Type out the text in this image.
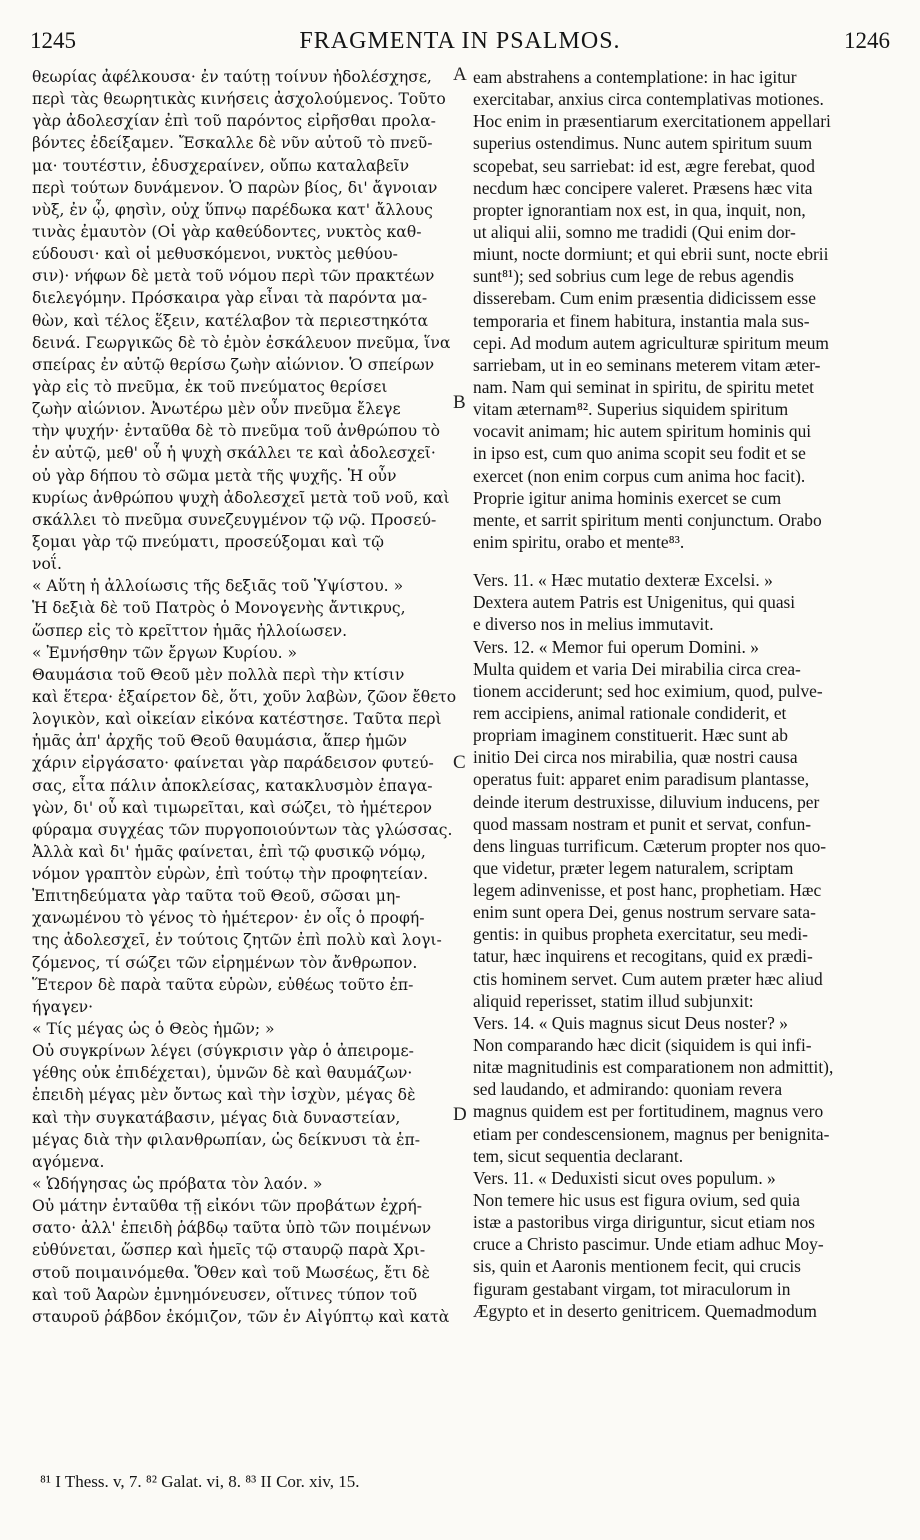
1245	FRAGMENTA IN PSALMOS.	1246
θεωρίας ἀφέλκουσα· ἐν ταύτῃ τοίνυν ἠδολέσχησε,
περὶ τὰς θεωρητικὰς κινήσεις ἀσχολούμενος. Τοῦτο
γὰρ ἀδολεσχίαν ἐπὶ τοῦ παρόντος εἰρῆσθαι προλα-
βόντες ἐδείξαμεν. Ἔσκαλλε δὲ νῦν αὐτοῦ τὸ πνεῦ-
μα· τουτέστιν, ἐδυσχεραίνεν, οὔπω καταλαβεῖν
περὶ τούτων δυνάμενον. Ὁ παρὼν βίος, δι' ἄγνοιαν
νὺξ, ἐν ᾧ, φησὶν, οὐχ ὕπνῳ παρέδωκα κατ' ἄλλους
τινὰς ἐμαυτὸν (Οἱ γὰρ καθεύδοντες, νυκτὸς καθ-
εύδουσι· καὶ οἱ μεθυσκόμενοι, νυκτὸς μεθύου-
σιν)· νήφων δὲ μετὰ τοῦ νόμου περὶ τῶν πρακτέων
διελεγόμην. Πρόσκαιρα γὰρ εἶναι τὰ παρόντα μα-
θὼν, καὶ τέλος ἕξειν, κατέλαβον τὰ περιεστηκότα
δεινά. Γεωργικῶς δὲ τὸ ἐμὸν ἐσκάλευον πνεῦμα, ἵνα
σπείρας ἐν αὐτῷ θερίσω ζωὴν αἰώνιον. Ὁ σπείρων
γὰρ εἰς τὸ πνεῦμα, ἐκ τοῦ πνεύματος θερίσει
ζωὴν αἰώνιον. Ἀνωτέρω μὲν οὖν πνεῦμα ἔλεγε
τὴν ψυχήν· ἐνταῦθα δὲ τὸ πνεῦμα τοῦ ἀνθρώπου τὸ
ἐν αὐτῷ, μεθ' οὗ ἡ ψυχὴ σκάλλει τε καὶ ἀδολεσχεῖ·
οὐ γὰρ δήπου τὸ σῶμα μετὰ τῆς ψυχῆς. Ἡ οὖν
κυρίως ἀνθρώπου ψυχὴ ἀδολεσχεῖ μετὰ τοῦ νοῦ, καὶ
σκάλλει τὸ πνεῦμα συνεζευγμένον τῷ νῷ. Προσεύ-
ξομαι γὰρ τῷ πνεύματι, προσεύξομαι καὶ τῷ
νοΐ.
« Αὕτη ἡ ἀλλοίωσις τῆς δεξιᾶς τοῦ Ὑψίστου. »
Ἡ δεξιὰ δὲ τοῦ Πατρὸς ὁ Μονογενὴς ἄντικρυς,
ὥσπερ εἰς τὸ κρεῖττον ἡμᾶς ἠλλοίωσεν.
« Ἐμνήσθην τῶν ἔργων Κυρίου. »
Θαυμάσια τοῦ Θεοῦ μὲν πολλὰ περὶ τὴν κτίσιν
καὶ ἕτερα· ἐξαίρετον δὲ, ὅτι, χοῦν λαβὼν, ζῶον ἔθετο
λογικὸν, καὶ οἰκείαν εἰκόνα κατέστησε. Ταῦτα περὶ
ἡμᾶς ἀπ' ἀρχῆς τοῦ Θεοῦ θαυμάσια, ἅπερ ἡμῶν
χάριν εἰργάσατο· φαίνεται γὰρ παράδεισον φυτεύ-
σας, εἶτα πάλιν ἀποκλείσας, κατακλυσμὸν ἐπαγα-
γὼν, δι' οὗ καὶ τιμωρεῖται, καὶ σώζει, τὸ ἡμέτερον
φύραμα συγχέας τῶν πυργοποιούντων τὰς γλώσσας.
Ἀλλὰ καὶ δι' ἡμᾶς φαίνεται, ἐπὶ τῷ φυσικῷ νόμῳ,
νόμον γραπτὸν εὑρὼν, ἐπὶ τούτῳ τὴν προφητείαν.
Ἐπιτηδεύματα γὰρ ταῦτα τοῦ Θεοῦ, σῶσαι μη-
χανωμένου τὸ γένος τὸ ἡμέτερον· ἐν οἷς ὁ προφή-
της ἀδολεσχεῖ, ἐν τούτοις ζητῶν ἐπὶ πολὺ καὶ λογι-
ζόμενος, τί σώζει τῶν εἰρημένων τὸν ἄνθρωπον.
Ἕτερον δὲ παρὰ ταῦτα εὑρὼν, εὐθέως τοῦτο ἐπ-
ήγαγεν·
« Τίς μέγας ὡς ὁ Θεὸς ἡμῶν; »
Οὐ συγκρίνων λέγει (σύγκρισιν γὰρ ὁ ἀπειρομε-
γέθης οὐκ ἐπιδέχεται), ὑμνῶν δὲ καὶ θαυμάζων·
ἐπειδὴ μέγας μὲν ὄντως καὶ τὴν ἰσχὺν, μέγας δὲ
καὶ τὴν συγκατάβασιν, μέγας διὰ δυναστείαν,
μέγας διὰ τὴν φιλανθρωπίαν, ὡς δείκνυσι τὰ ἑπ-
αγόμενα.
« Ὡδήγησας ὡς πρόβατα τὸν λαόν. »
Οὐ μάτην ἐνταῦθα τῇ εἰκόνι τῶν προβάτων ἐχρή-
σατο· ἀλλ' ἐπειδὴ ῥάβδῳ ταῦτα ὑπὸ τῶν ποιμένων
εὐθύνεται, ὥσπερ καὶ ἡμεῖς τῷ σταυρῷ παρὰ Χρι-
στοῦ ποιμαινόμεθα. Ὅθεν καὶ τοῦ Μωσέως, ἔτι δὲ
καὶ τοῦ Ἀαρὼν ἐμνημόνευσεν, οἵτινες τύπον τοῦ
σταυροῦ ῥάβδον ἐκόμιζον, τῶν ἐν Αἰγύπτῳ καὶ κατὰ
eam abstrahens a contemplatione: in hac igitur
exercitabar, anxius circa contemplativas motiones.
Hoc enim in præsentiarum exercitationem appellari
superius ostendimus. Nunc autem spiritum suum
scopebat, seu sarriebat: id est, ægre ferebat, quod
necdum hæc concipere valeret. Præsens hæc vita
propter ignorantiam nox est, in qua, inquit, non,
ut aliqui alii, somno me tradidi (Qui enim dor-
miunt, nocte dormiunt; et qui ebrii sunt, nocte ebrii
sunt⁸¹); sed sobrius cum lege de rebus agendis
disserebam. Cum enim præsentia didicissem esse
temporaria et finem habitura, instantia mala sus-
cepi. Ad modum autem agriculturæ spiritum meum
sarriebam, ut in eo seminans meterem vitam æter-
nam. Nam qui seminat in spiritu, de spiritu metet
vitam æternam⁸². Superius siquidem spiritum
vocavit animam; hic autem spiritum hominis qui
in ipso est, cum quo anima scopit seu fodit et se
exercet (non enim corpus cum anima hoc facit).
Proprie igitur anima hominis exercet se cum
mente, et sarrit spiritum menti conjunctum. Orabo
enim spiritu, orabo et mente⁸³.
Vers. 11. « Hæc mutatio dexteræ Excelsi. »
Dextera autem Patris est Unigenitus, qui quasi
e diverso nos in melius immutavit.
Vers. 12. « Memor fui operum Domini. »
Multa quidem et varia Dei mirabilia circa crea-
tionem acciderunt; sed hoc eximium, quod, pulve-
rem accipiens, animal rationale condiderit, et
propriam imaginem constituerit. Hæc sunt ab
initio Dei circa nos mirabilia, quæ nostri causa
operatus fuit: apparet enim paradisum plantasse,
deinde iterum destruxisse, diluvium inducens, per
quod massam nostram et punit et servat, confun-
dens linguas turrificum. Cæterum propter nos quo-
que videtur, præter legem naturalem, scriptam
legem adinvenisse, et post hanc, prophetiam. Hæc
enim sunt opera Dei, genus nostrum servare sata-
gentis: in quibus propheta exercitatur, seu medi-
tatur, hæc inquirens et recogitans, quid ex prædi-
ctis hominem servet. Cum autem præter hæc aliud
aliquid reperisset, statim illud subjunxit:
Vers. 14. « Quis magnus sicut Deus noster? »
Non comparando hæc dicit (siquidem is qui infi-
nitæ magnitudinis est comparationem non admittit),
sed laudando, et admirando: quoniam revera
magnus quidem est per fortitudinem, magnus vero
etiam per condescensionem, magnus per benignita-
tem, sicut sequentia declarant.
Vers. 11. « Deduxisti sicut oves populum. »
Non temere hic usus est figura ovium, sed quia
istæ a pastoribus virga diriguntur, sicut etiam nos
cruce a Christo pascimur. Unde etiam adhuc Moy-
sis, quin et Aaronis mentionem fecit, qui crucis
figuram gestabant virgam, tot miraculorum in
Ægypto et in deserto genitricem. Quemadmodum
A
B
C
D
⁸¹ I Thess. v, 7. ⁸² Galat. vi, 8. ⁸³ II Cor. xiv, 15.
